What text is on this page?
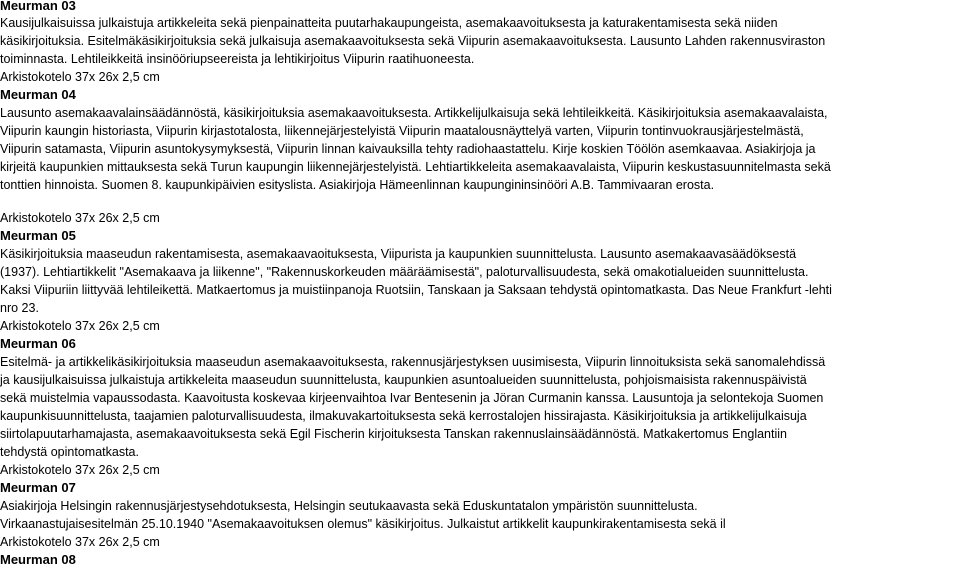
Meurman 03

Kausijulkaisuissa julkaistuja artikkeleita sekä pienpainatteita puutarhakaupungeista, asemakaavoituksesta ja katurakentamisesta sekä niiden

käsikirjoituksia. Esitelmäkäsikirjoituksia sekä julkaisuja asemakaavoituksesta sekä Viipurin asemakaavoituksesta. Lausunto Lahden rakennusviraston

toiminnasta. Lehtileikkeitä insinööriupseereista ja lehtikirjoitus Viipurin raatihuoneesta.

Arkistokotelo 37x 26x 2,5 cm

Meurman 04

Lausunto asemakaavalainsäädännöstä, käsikirjoituksia asemakaavoituksesta. Artikkelijulkaisuja sekä lehtileikkeitä. Käsikirjoituksia asemakaavalaista,

Viipurin kaungin historiasta, Viipurin kirjastotalosta, liikennejärjestelyistä Viipurin maatalousnäyttelyä varten, Viipurin tontinvuokrausjärjestelmästä,

Viipurin satamasta, Viipurin asuntokysymyksestä, Viipurin linnan kaivauksilla tehty radiohaastattelu. Kirje koskien Töölön asemkaavaa. Asiakirjoja ja

kirjeitä kaupunkien mittauksesta sekä Turun kaupungin liikennejärjestelyistä. Lehtiartikkeleita asemakaavalaista, Viipurin keskustasuunnitelmasta sekä

tonttien hinnoista. Suomen 8. kaupunkipäivien esityslista. Asiakirjoja Hämeenlinnan kaupungininsinööri A.B. Tammivaaran erosta.

Arkistokotelo 37x 26x 2,5 cm

Meurman 05

Käsikirjoituksia maaseudun rakentamisesta, asemakaavaoituksesta, Viipurista ja kaupunkien suunnittelusta. Lausunto asemakaavasäädöksestä

(1937). Lehtiartikkelit "Asemakaava ja liikenne", "Rakennuskorkeuden määräämisestä", paloturvallisuudesta, sekä omakotialueiden suunnittelusta.

Kaksi Viipuriin liittyvää lehtileikettä. Matkaertomus ja muistiinpanoja Ruotsiin, Tanskaan ja Saksaan tehdystä opintomatkasta. Das Neue Frankfurt -lehti

nro 23.

Arkistokotelo 37x 26x 2,5 cm

Meurman 06

Esitelmä- ja artikkelikäsikirjoituksia maaseudun asemakaavoituksesta, rakennusjärjestyksen uusimisesta, Viipurin linnoituksista sekä sanomalehdissä

ja kausijulkaisuissa julkaistuja artikkeleita maaseudun suunnittelusta, kaupunkien asuntoalueiden suunnittelusta, pohjoismaisista rakennuspäivistä

sekä muistelmia vapaussodasta. Kaavoitusta koskevaa kirjeenvaihtoa Ivar Bentesenin ja Jöran Curmanin kanssa. Lausuntoja ja selontekoja Suomen

kaupunkisuunnittelusta, taajamien paloturvallisuudesta, ilmakuvakartoituksesta sekä kerrostalojen hissirajasta. Käsikirjoituksia ja artikkelijulkaisuja

siirtolapuutarhamajasta, asemakaavoituksesta sekä Egil Fischerin kirjoituksesta Tanskan rakennuslainsäädännöstä. Matkakertomus Englantiin

tehdystä opintomatkasta.

Arkistokotelo 37x 26x 2,5 cm

Meurman 07

Asiakirjoja Helsingin rakennusjärjestysehdotuksesta, Helsingin seutukaavasta sekä Eduskuntatalon ympäristön suunnittelusta.

Virkaanastujaisesitelmän 25.10.1940 "Asemakaavoituksen olemus" käsikirjoitus. Julkaistut artikkelit kaupunkirakentamisesta sekä il

Arkistokotelo 37x 26x 2,5 cm

Meurman 08
